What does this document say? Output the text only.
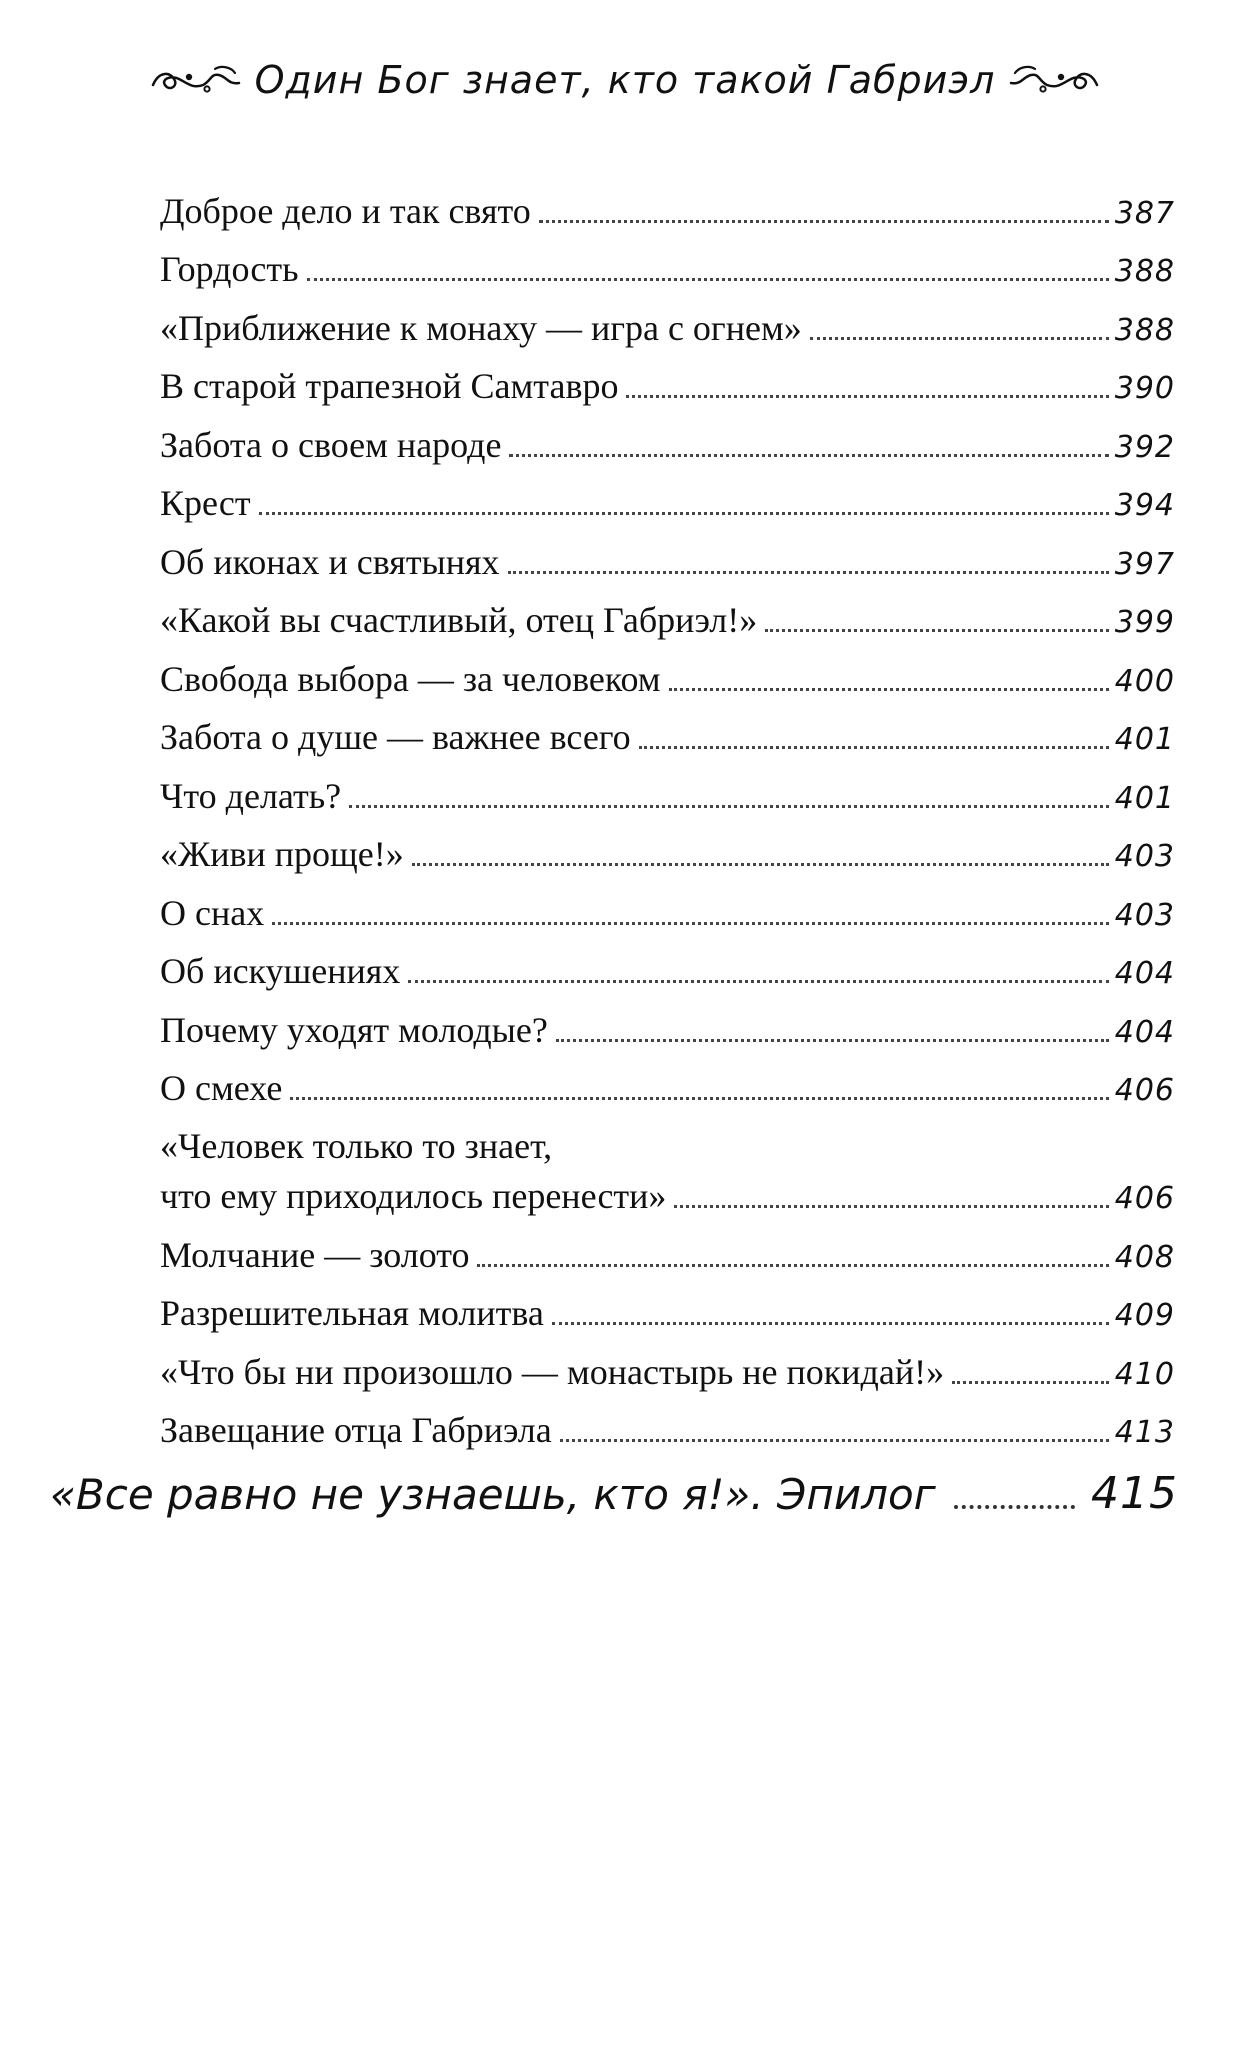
Один Бог знает, кто такой Габриэл
Доброе дело и так свято	387
Гордость	388
«Приближение к монаху — игра с огнем»	388
В старой трапезной Самтавро	390
Забота о своем народе	392
Крест	394
Об иконах и святынях	397
«Какой вы счастливый, отец Габриэл!»	399
Свобода выбора — за человеком	400
Забота о душе — важнее всего	401
Что делать?	401
«Живи проще!»	403
О снах	403
Об искушениях	404
Почему уходят молодые?	404
О смехе	406
«Человек только то знает,
что ему приходилось перенести»	406
Молчание — золото	408
Разрешительная молитва	409
«Что бы ни произошло — монастырь не покидай!»	410
Завещание отца Габриэла	413
«Все равно не узнаешь, кто я!». Эпилог	415
